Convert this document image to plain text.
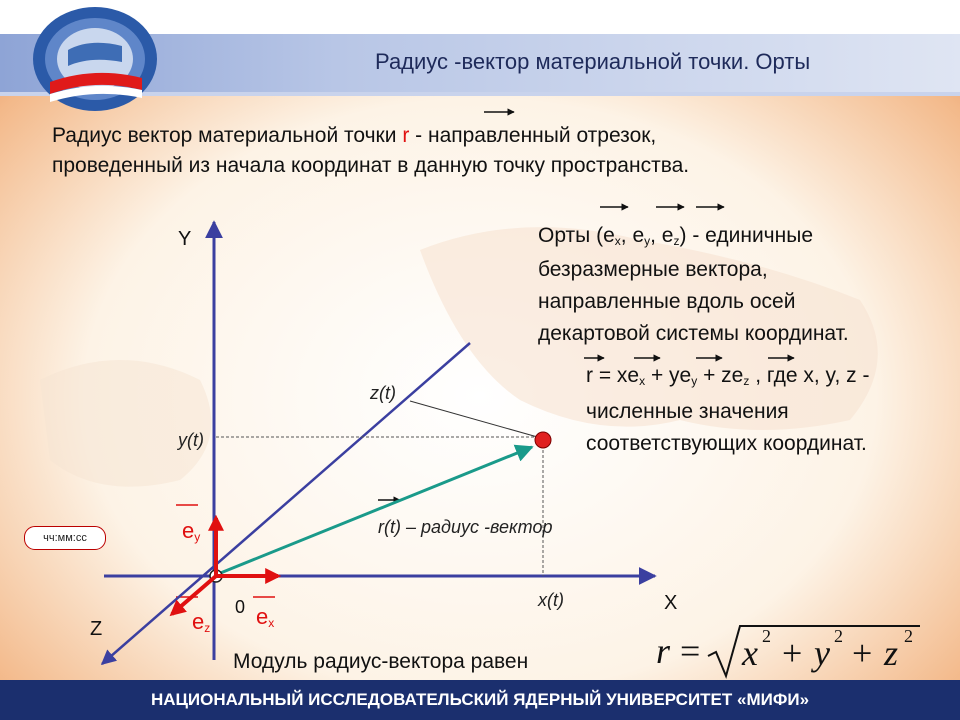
Радиус -вектор материальной точки. Орты
Радиус вектор материальной точки r - направленный отрезок,
проведенный из начала координат в данную точку пространства.
Орты ($e_x$, $e_y$, $e_z$) - единичные
безразмерные вектора,
направленные вдоль осей
декартовой системы координат.
$r = xe_x + ye_y + ze_z$ , где x, y, z -
численные значения
соответствующих координат.
Y
X
Z
0
z(t)
y(t)
x(t)
r(t) – радиус -вектор
$e_y$
$e_z$ $e_x$
чч:мм:сс
Модуль радиус-вектора равен	r = x 2 + y 2 + z 2
НАЦИОНАЛЬНЫЙ ИССЛЕДОВАТЕЛЬСКИЙ ЯДЕРНЫЙ УНИВЕРСИТЕТ «МИФИ»
